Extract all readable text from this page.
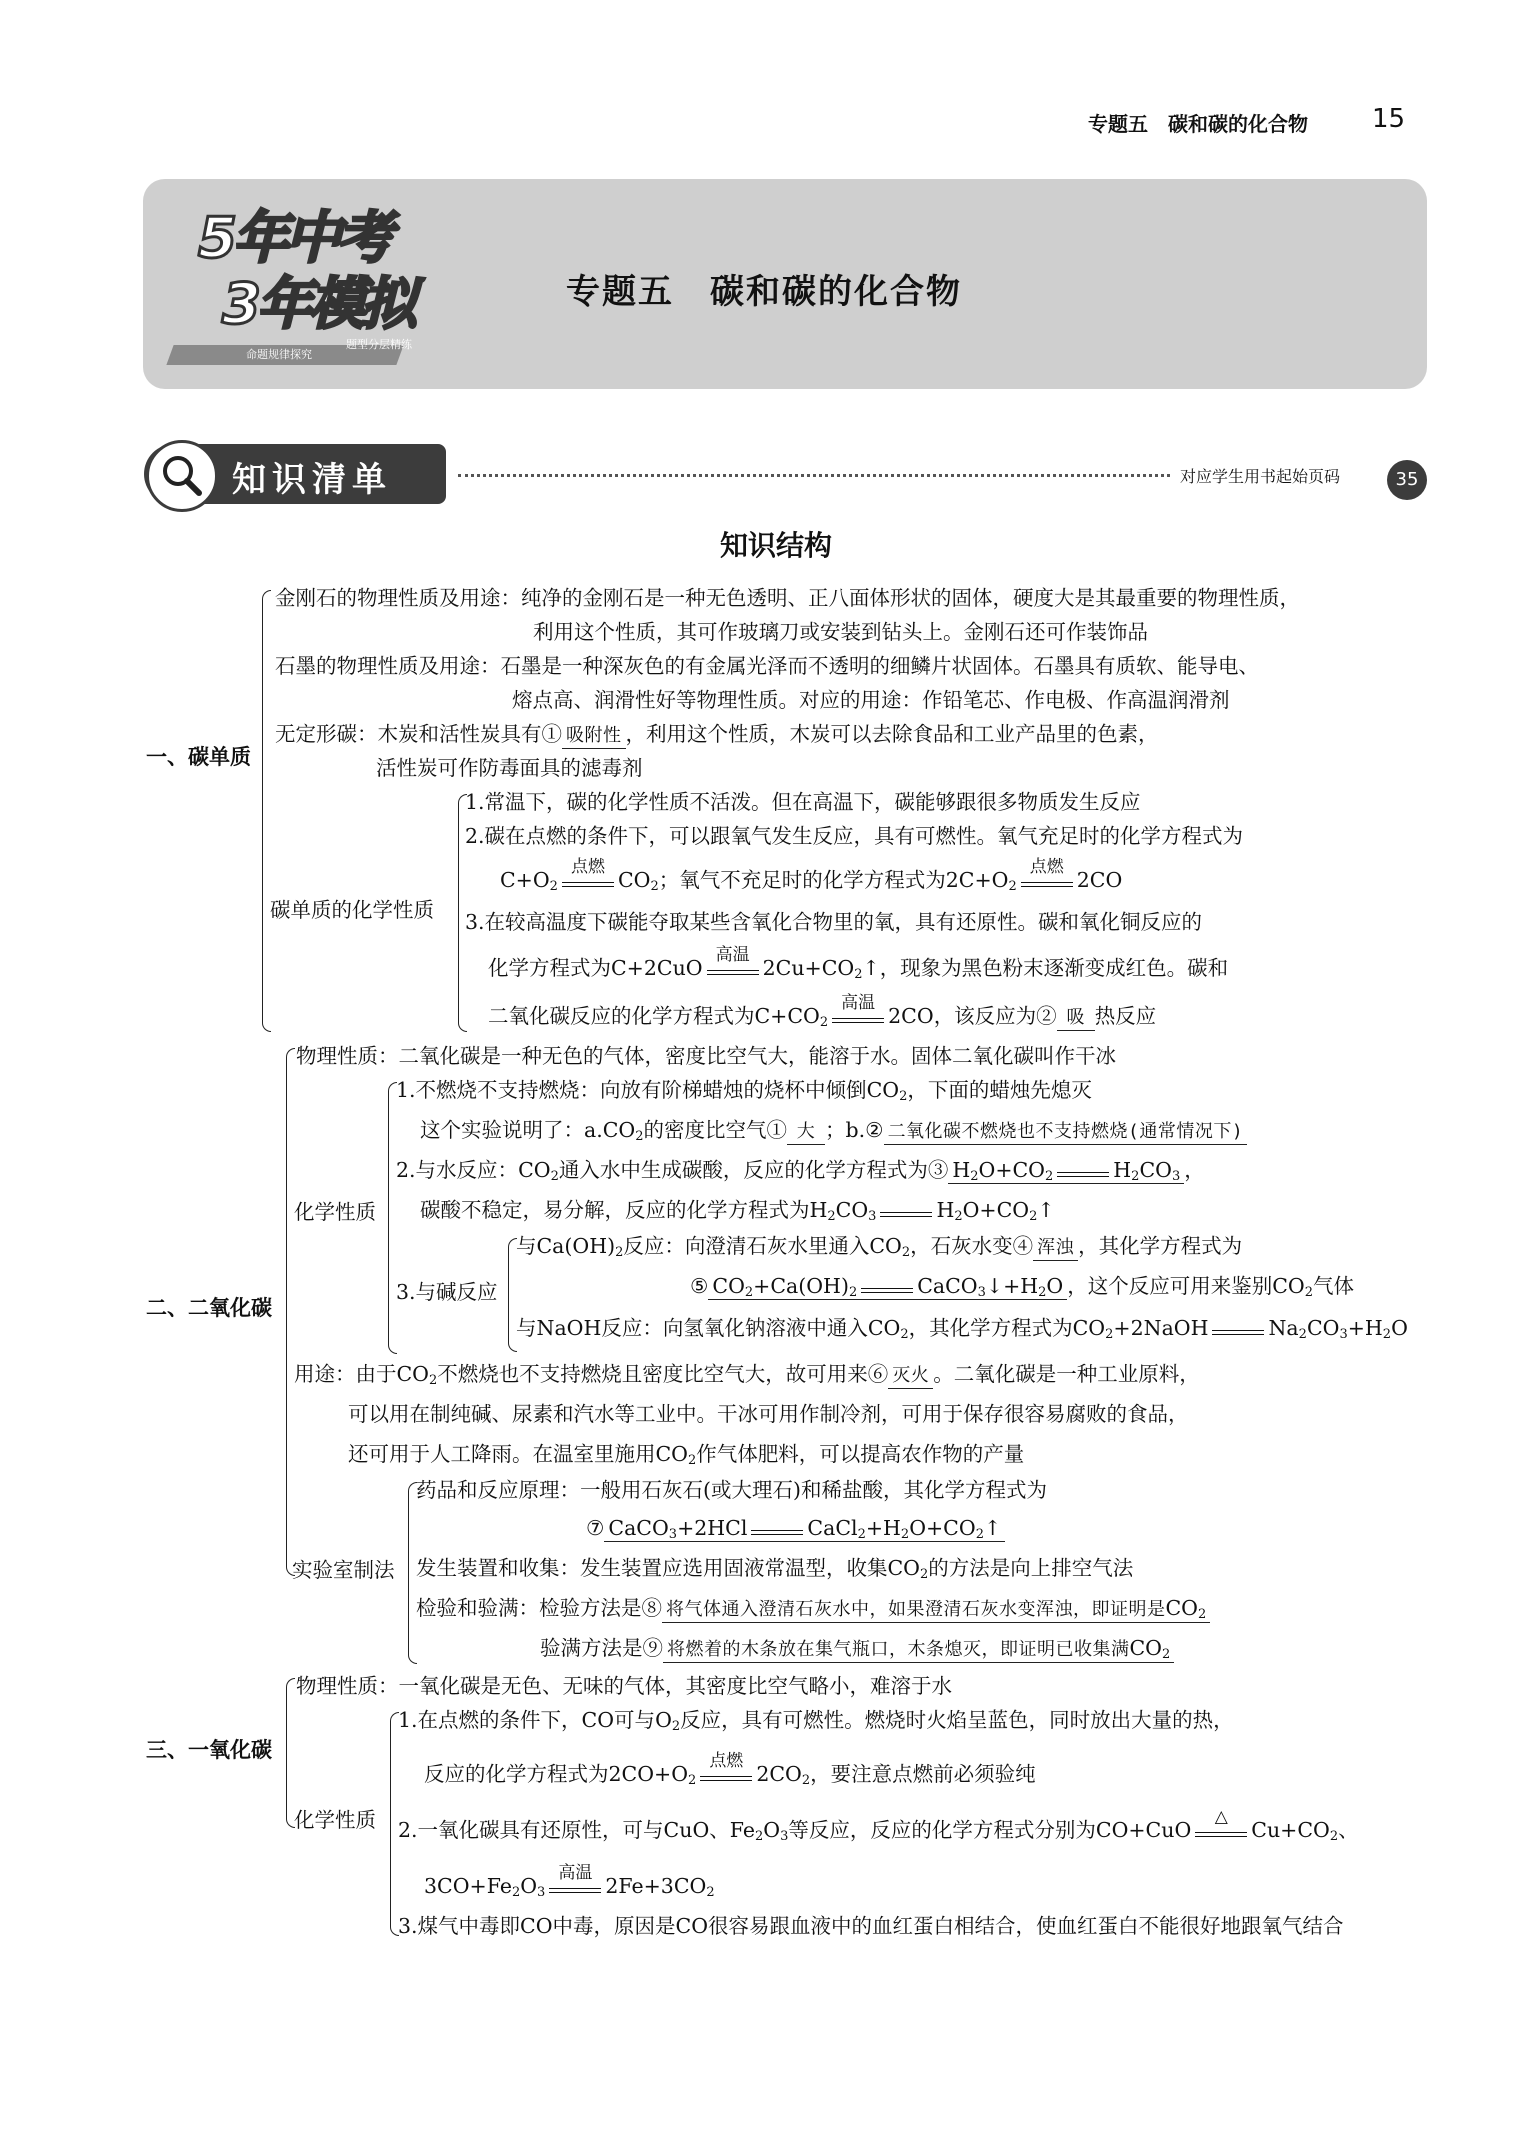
专题五　碳和碳的化合物 15
5年中考
3年模拟
命题规律探究
题型分层精练
专题五　碳和碳的化合物
知识清单	对应学生用书起始页码	35
知识结构
一、碳单质
金刚石的物理性质及用途：纯净的金刚石是一种无色透明、正八面体形状的固体，硬度大是其最重要的物理性质，
利用这个性质，其可作玻璃刀或安装到钻头上。金刚石还可作装饰品
石墨的物理性质及用途：石墨是一种深灰色的有金属光泽而不透明的细鳞片状固体。石墨具有质软、能导电、
熔点高、润滑性好等物理性质。对应的用途：作铅笔芯、作电极、作高温润滑剂
无定形碳：木炭和活性炭具有① 吸附性 ，利用这个性质，木炭可以去除食品和工业产品里的色素，
活性炭可作防毒面具的滤毒剂
碳单质的化学性质
1.常温下，碳的化学性质不活泼。但在高温下，碳能够跟很多物质发生反应
2.碳在点燃的条件下，可以跟氧气发生反应，具有可燃性。氧气充足时的化学方程式为
$C+O_2$
点燃
$CO_2$；氧气不充足时的化学方程式为$2C+O_2$
点燃
2CO
3.在较高温度下碳能夺取某些含氧化合物里的氧，具有还原性。碳和氧化铜反应的
化学方程式为C+2CuO
高温
$2Cu+CO_2↑$，现象为黑色粉末逐渐变成红色。碳和
二氧化碳反应的化学方程式为$C+CO_2$
高温
2CO，该反应为② 吸 热反应
二、二氧化碳
物理性质：二氧化碳是一种无色的气体，密度比空气大，能溶于水。固体二氧化碳叫作干冰
化学性质
1.不燃烧不支持燃烧：向放有阶梯蜡烛的烧杯中倾倒$CO_2$，下面的蜡烛先熄灭
这个实验说明了：$a.CO_2$的密度比空气① 大 ；b.② 二氧化碳不燃烧也不支持燃烧(通常情况下)
2.与水反应：$CO_2$通入水中生成碳酸，反应的化学方程式为③ $H_2O+CO_2$	$H_2CO_3$ ，
碳酸不稳定，易分解，反应的化学方程式为$H_2CO_3$	$H_2O+CO_2↑$
3.与碱反应
与$Ca(OH)_2$反应：向澄清石灰水里通入$CO_2$，石灰水变④ 浑浊 ，其化学方程式为
⑤ $CO_2+Ca(OH)_2$	$CaCO_3↓+H_2O$ ，这个反应可用来鉴别$CO_2$气体
与NaOH反应：向氢氧化钠溶液中通入$CO_2$，其化学方程式为$CO_2+2NaOH$	$Na_2CO_3+H_2O$
用途：由于$CO_2$不燃烧也不支持燃烧且密度比空气大，故可用来⑥ 灭火 。二氧化碳是一种工业原料，
可以用在制纯碱、尿素和汽水等工业中。干冰可用作制冷剂，可用于保存很容易腐败的食品，
还可用于人工降雨。在温室里施用$CO_2$作气体肥料，可以提高农作物的产量
实验室制法
药品和反应原理：一般用石灰石(或大理石)和稀盐酸，其化学方程式为
⑦ CaCO$_3$+2HCl	$CaCl_2+H_2O+CO_2↑$
发生装置和收集：发生装置应选用固液常温型，收集$CO_2$的方法是向上排空气法
检验和验满：检验方法是⑧ 将气体通入澄清石灰水中，如果澄清石灰水变浑浊，即证明是$CO_2$
验满方法是⑨ 将燃着的木条放在集气瓶口，木条熄灭，即证明已收集满$CO_2$
三、一氧化碳
物理性质：一氧化碳是无色、无味的气体，其密度比空气略小，难溶于水
化学性质
1.在点燃的条件下，CO可与$O_2$反应，具有可燃性。燃烧时火焰呈蓝色，同时放出大量的热，
反应的化学方程式为$2CO+O_2$
点燃
$2CO_2$，要注意点燃前必须验纯
2.一氧化碳具有还原性，可与CuO、$Fe_2O_3$等反应，反应的化学方程式分别为CO+CuO
△
$Cu+CO_2$、
$3CO+Fe_2O_3$
高温
$2Fe+3CO_2$
3.煤气中毒即CO中毒，原因是CO很容易跟血液中的血红蛋白相结合，使血红蛋白不能很好地跟氧气结合
